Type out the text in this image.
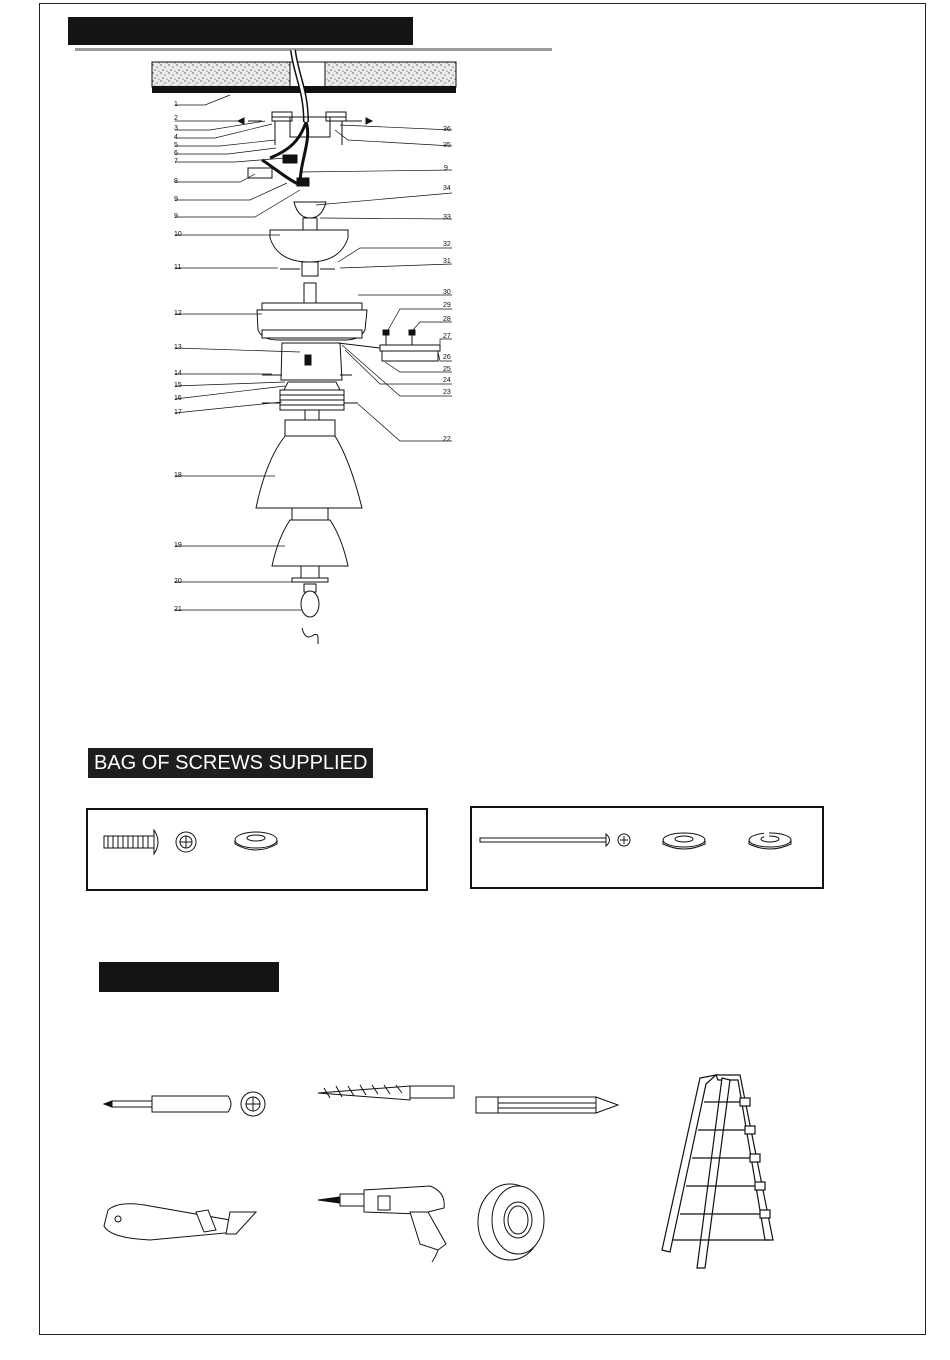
1
2
3
4
5
6
7
8
9
9
9
10
11
12
13
14
15
16
17
18
19
20
21
36
35
34
33
32
31
30
29
28
27
26
25
24
23
22
BAG OF SCREWS SUPPLIED
